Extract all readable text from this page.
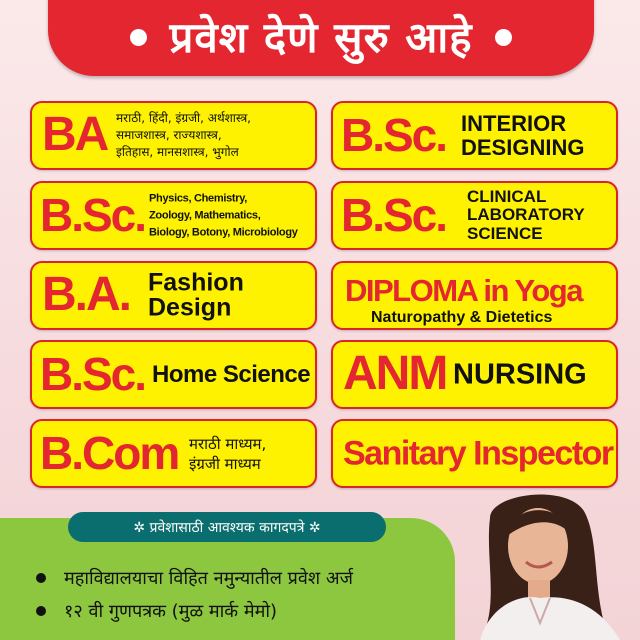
प्रवेश देणे सुरु आहे
BA मराठी, हिंदी, इंग्रजी, अर्थशास्त्र,
समाजशास्त्र, राज्यशास्त्र,
इतिहास, मानसशास्त्र, भुगोल
B.Sc. Physics, Chemistry,
Zoology, Mathematics,
Biology, Botony, Microbiology
B.A. Fashion
Design
B.Sc. Home Science
B.Com मराठी माध्यम,
इंग्रजी माध्यम
B.Sc. INTERIOR
DESIGNING
B.Sc. CLINICAL
LABORATORY
SCIENCE
DIPLOMA in Yoga
Naturopathy & Dietetics
ANM NURSING
Sanitary Inspector
✲ प्रवेशासाठी आवश्यक कागदपत्रे ✲
महाविद्यालयाचा विहित नमुन्यातील प्रवेश अर्ज
१२ वी गुणपत्रक (मुळ मार्क मेमो)
